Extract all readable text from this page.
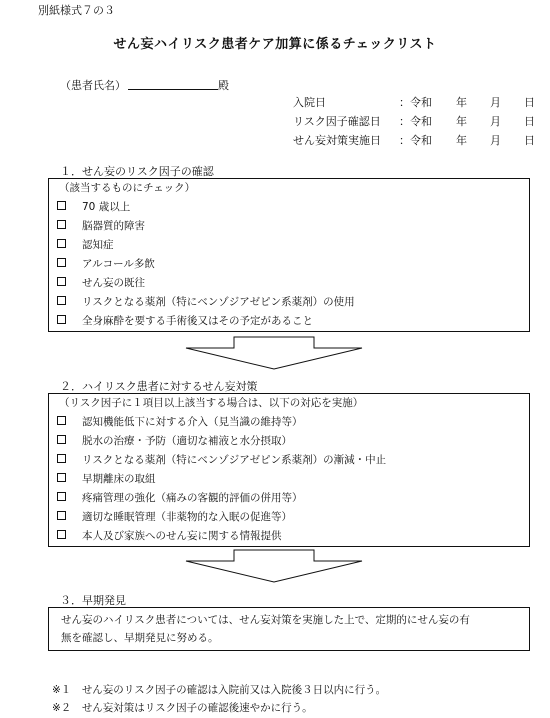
別紙様式７の３
せん妄ハイリスク患者ケア加算に係るチェックリスト
（患者氏名）	殿
入院日	：令和 年 月 日
リスク因子確認日 ：令和 年 月 日
せん妄対策実施日 ：令和 年 月 日
１．せん妄のリスク因子の確認
（該当するものにチェック）
70 歳以上
脳器質的障害
認知症
アルコール多飲
せん妄の既往
リスクとなる薬剤（特にベンゾジアゼピン系薬剤）の使用
全身麻酔を要する手術後又はその予定があること
２．ハイリスク患者に対するせん妄対策
（リスク因子に１項目以上該当する場合は、以下の対応を実施）
認知機能低下に対する介入（見当識の維持等）
脱水の治療・予防（適切な補液と水分摂取）
リスクとなる薬剤（特にベンゾジアゼピン系薬剤）の漸減・中止
早期離床の取組
疼痛管理の強化（痛みの客観的評価の併用等）
適切な睡眠管理（非薬物的な入眠の促進等）
本人及び家族へのせん妄に関する情報提供
３．早期発見
せん妄のハイリスク患者については、せん妄対策を実施した上で、定期的にせん妄の有
無を確認し、早期発見に努める。
※１　 せん妄のリスク因子の確認は入院前又は入院後３日以内に行う。
※２　 せん妄対策はリスク因子の確認後速やかに行う。
